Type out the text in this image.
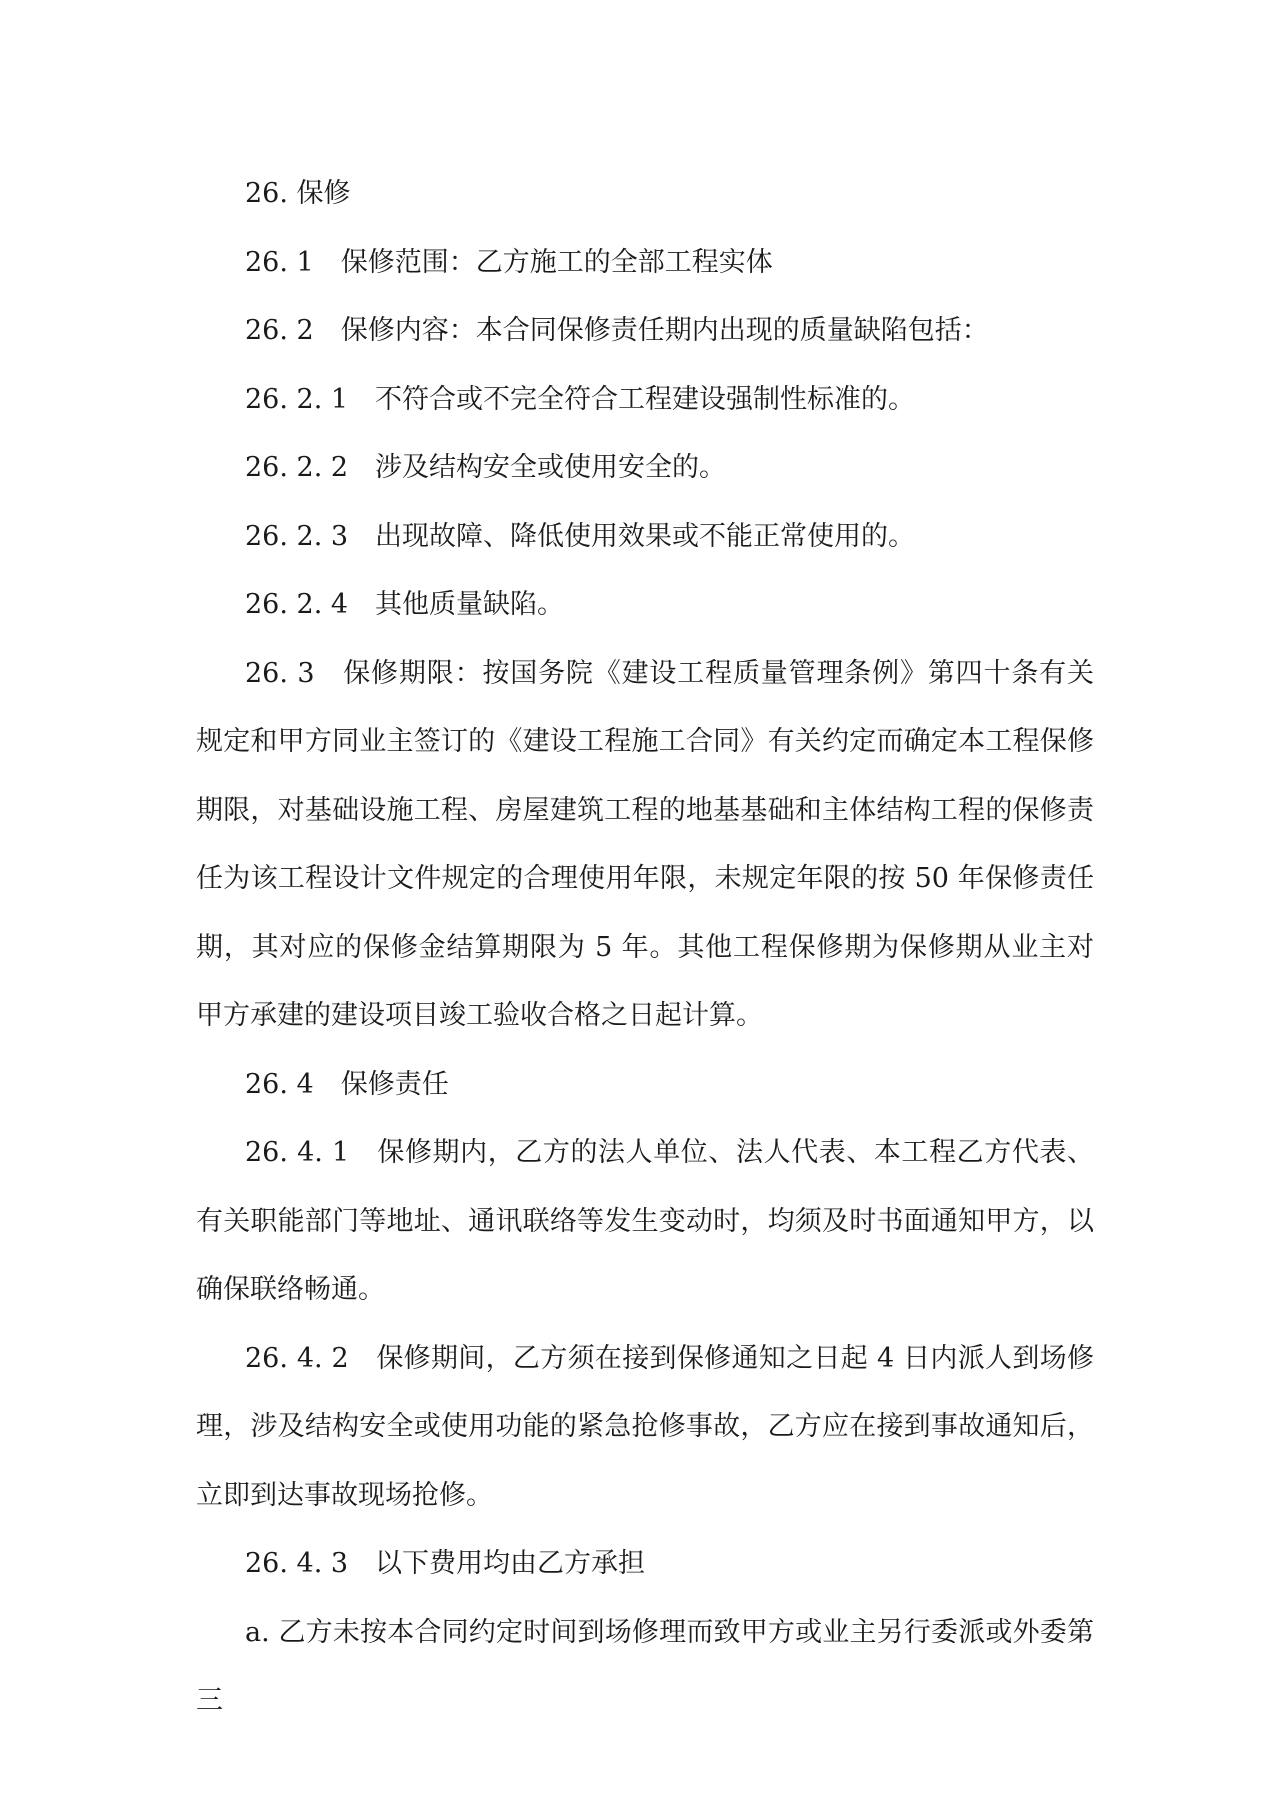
26. 保修

26. 1　保修范围：乙方施工的全部工程实体

26. 2　保修内容：本合同保修责任期内出现的质量缺陷包括：

26. 2. 1　不符合或不完全符合工程建设强制性标准的。

26. 2. 2　涉及结构安全或使用安全的。

26. 2. 3　出现故障、降低使用效果或不能正常使用的。

26. 2. 4　其他质量缺陷。

26. 3　保修期限：按国务院《建设工程质量管理条例》第四十条有关规定和甲方同业主签订的《建设工程施工合同》有关约定而确定本工程保修期限，对基础设施工程、房屋建筑工程的地基基础和主体结构工程的保修责任为该工程设计文件规定的合理使用年限，未规定年限的按 50 年保修责任期，其对应的保修金结算期限为 5 年。其他工程保修期为保修期从业主对甲方承建的建设项目竣工验收合格之日起计算。

26. 4　保修责任

26. 4. 1　保修期内，乙方的法人单位、法人代表、本工程乙方代表、有关职能部门等地址、通讯联络等发生变动时，均须及时书面通知甲方，以确保联络畅通。

26. 4. 2　保修期间，乙方须在接到保修通知之日起 4 日内派人到场修理，涉及结构安全或使用功能的紧急抢修事故，乙方应在接到事故通知后，立即到达事故现场抢修。

26. 4. 3　以下费用均由乙方承担

a. 乙方未按本合同约定时间到场修理而致甲方或业主另行委派或外委第三
